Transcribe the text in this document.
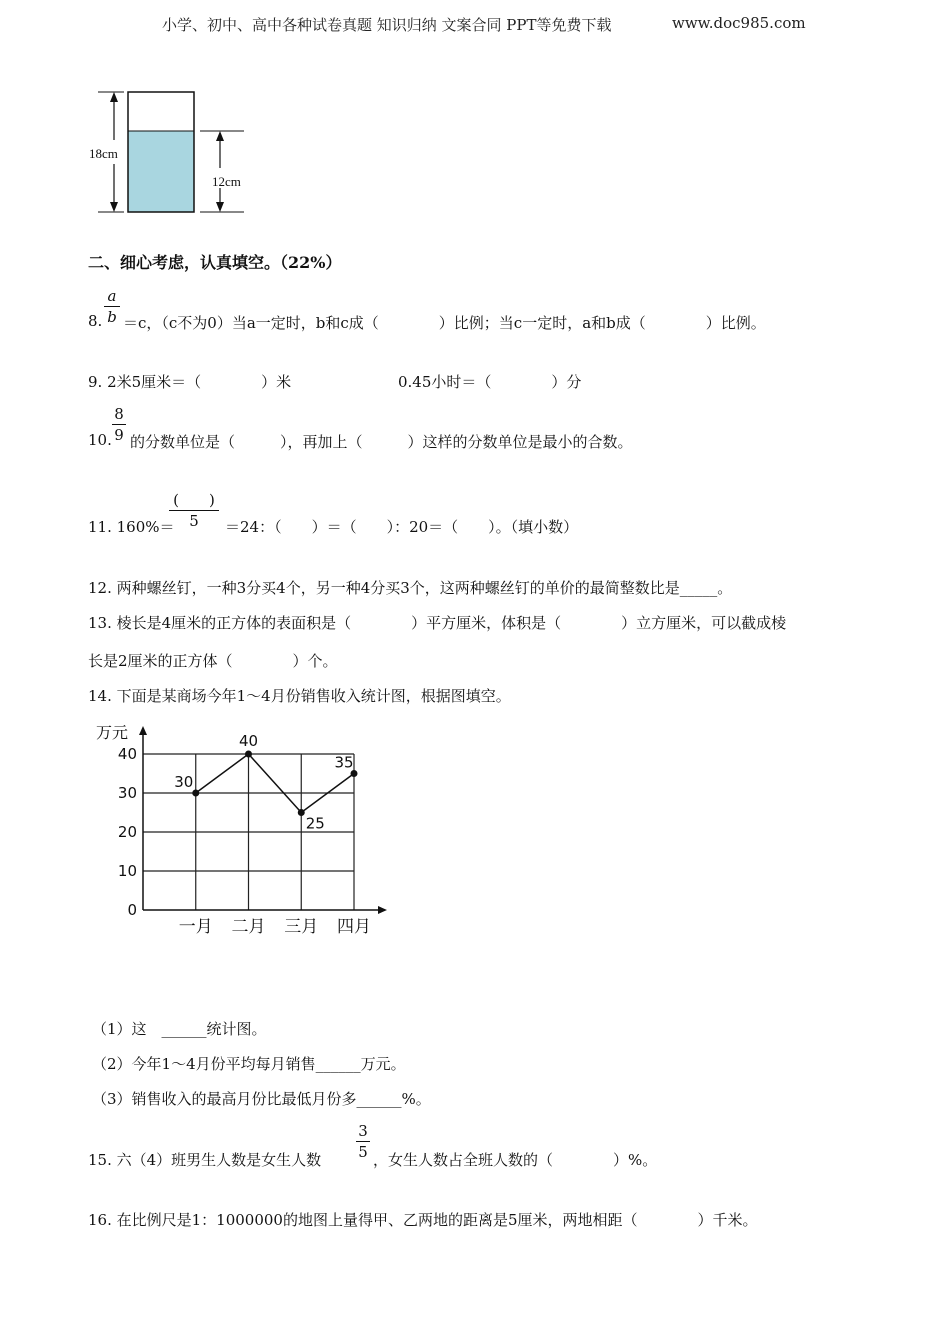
小学、初中、高中各种试卷真题 知识归纳 文案合同 PPT等免费下载	www.doc985.com
18cm
12cm
二、细心考虑，认真填空。（22%）
8.
a
b ＝c，（c不为0）当a一定时，b和c成（　　　　）比例；当c一定时，a和b成（　　　　）比例。
9. 2米5厘米＝（　　　　）米	0.45小时＝（　　　　）分
10.
8
9 的分数单位是（　　　），再加上（　　　）这样的分数单位是最小的合数。
11. 160%＝
(　　)
5	＝24：（　　）＝（　　）：20＝（　　）。（填小数）
12. 两种螺丝钉，一种3分买4个，另一种4分买3个，这两种螺丝钉的单价的最简整数比是_____。
13. 棱长是4厘米的正方体的表面积是（　　　　）平方厘米，体积是（　　　　）立方厘米，可以截成棱
长是2厘米的正方体（　　　　）个。
14. 下面是某商场今年1～4月份销售收入统计图，根据图填空。
0
10
20
30
40
一月 二月 三月 四月
30
40
25
35
万元
（1）这　______统计图。
（2）今年1～4月份平均每月销售______万元。
（3）销售收入的最高月份比最低月份多______%。
15. 六（4）班男生人数是女生人数
3
5 ，女生人数占全班人数的（　　　　）%。
16. 在比例尺是1：1000000的地图上量得甲、乙两地的距离是5厘米，两地相距（　　　　）千米。
